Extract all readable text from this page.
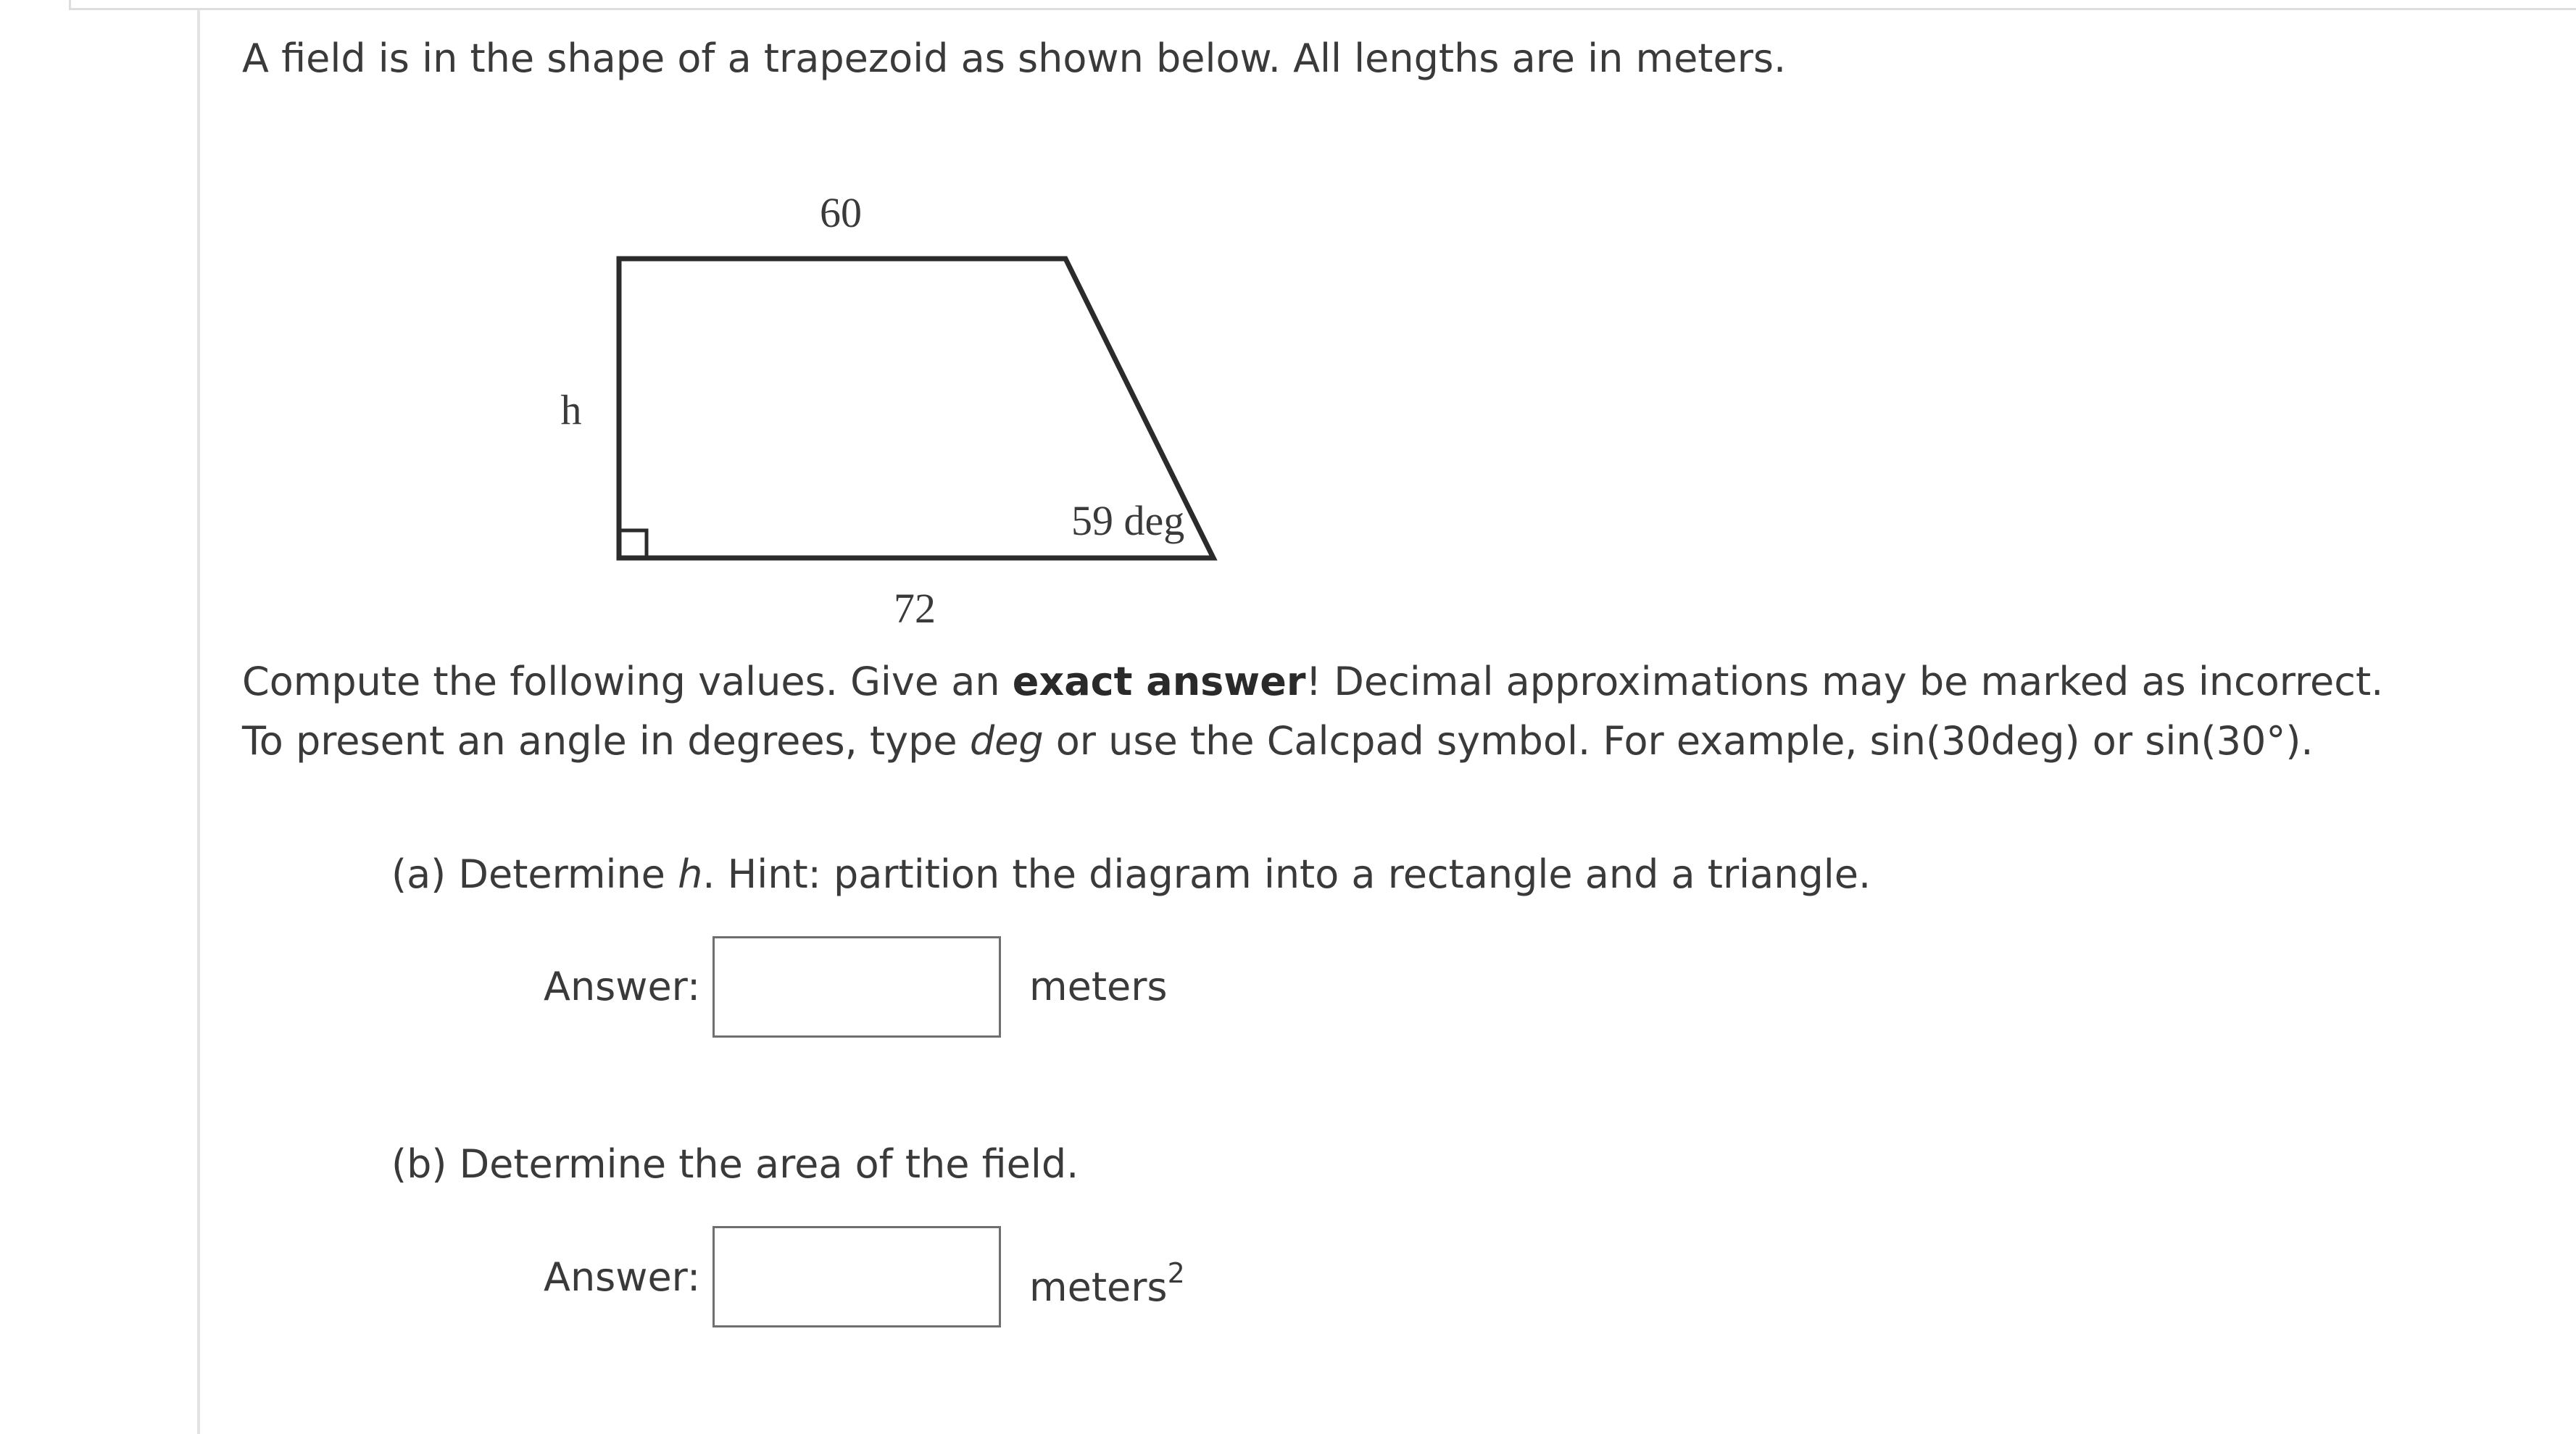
A field is in the shape of a trapezoid as shown below. All lengths are in meters.

60
h
59 deg
72
Compute the following values. Give an exact answer! Decimal approximations may be marked as incorrect.
To present an angle in degrees, type deg or use the Calcpad symbol. For example, sin(30deg) or sin(30°).
(a) Determine h. Hint: partition the diagram into a rectangle and a triangle.
Answer:	meters
(b) Determine the area of the field.
Answer:	meters$^2$
